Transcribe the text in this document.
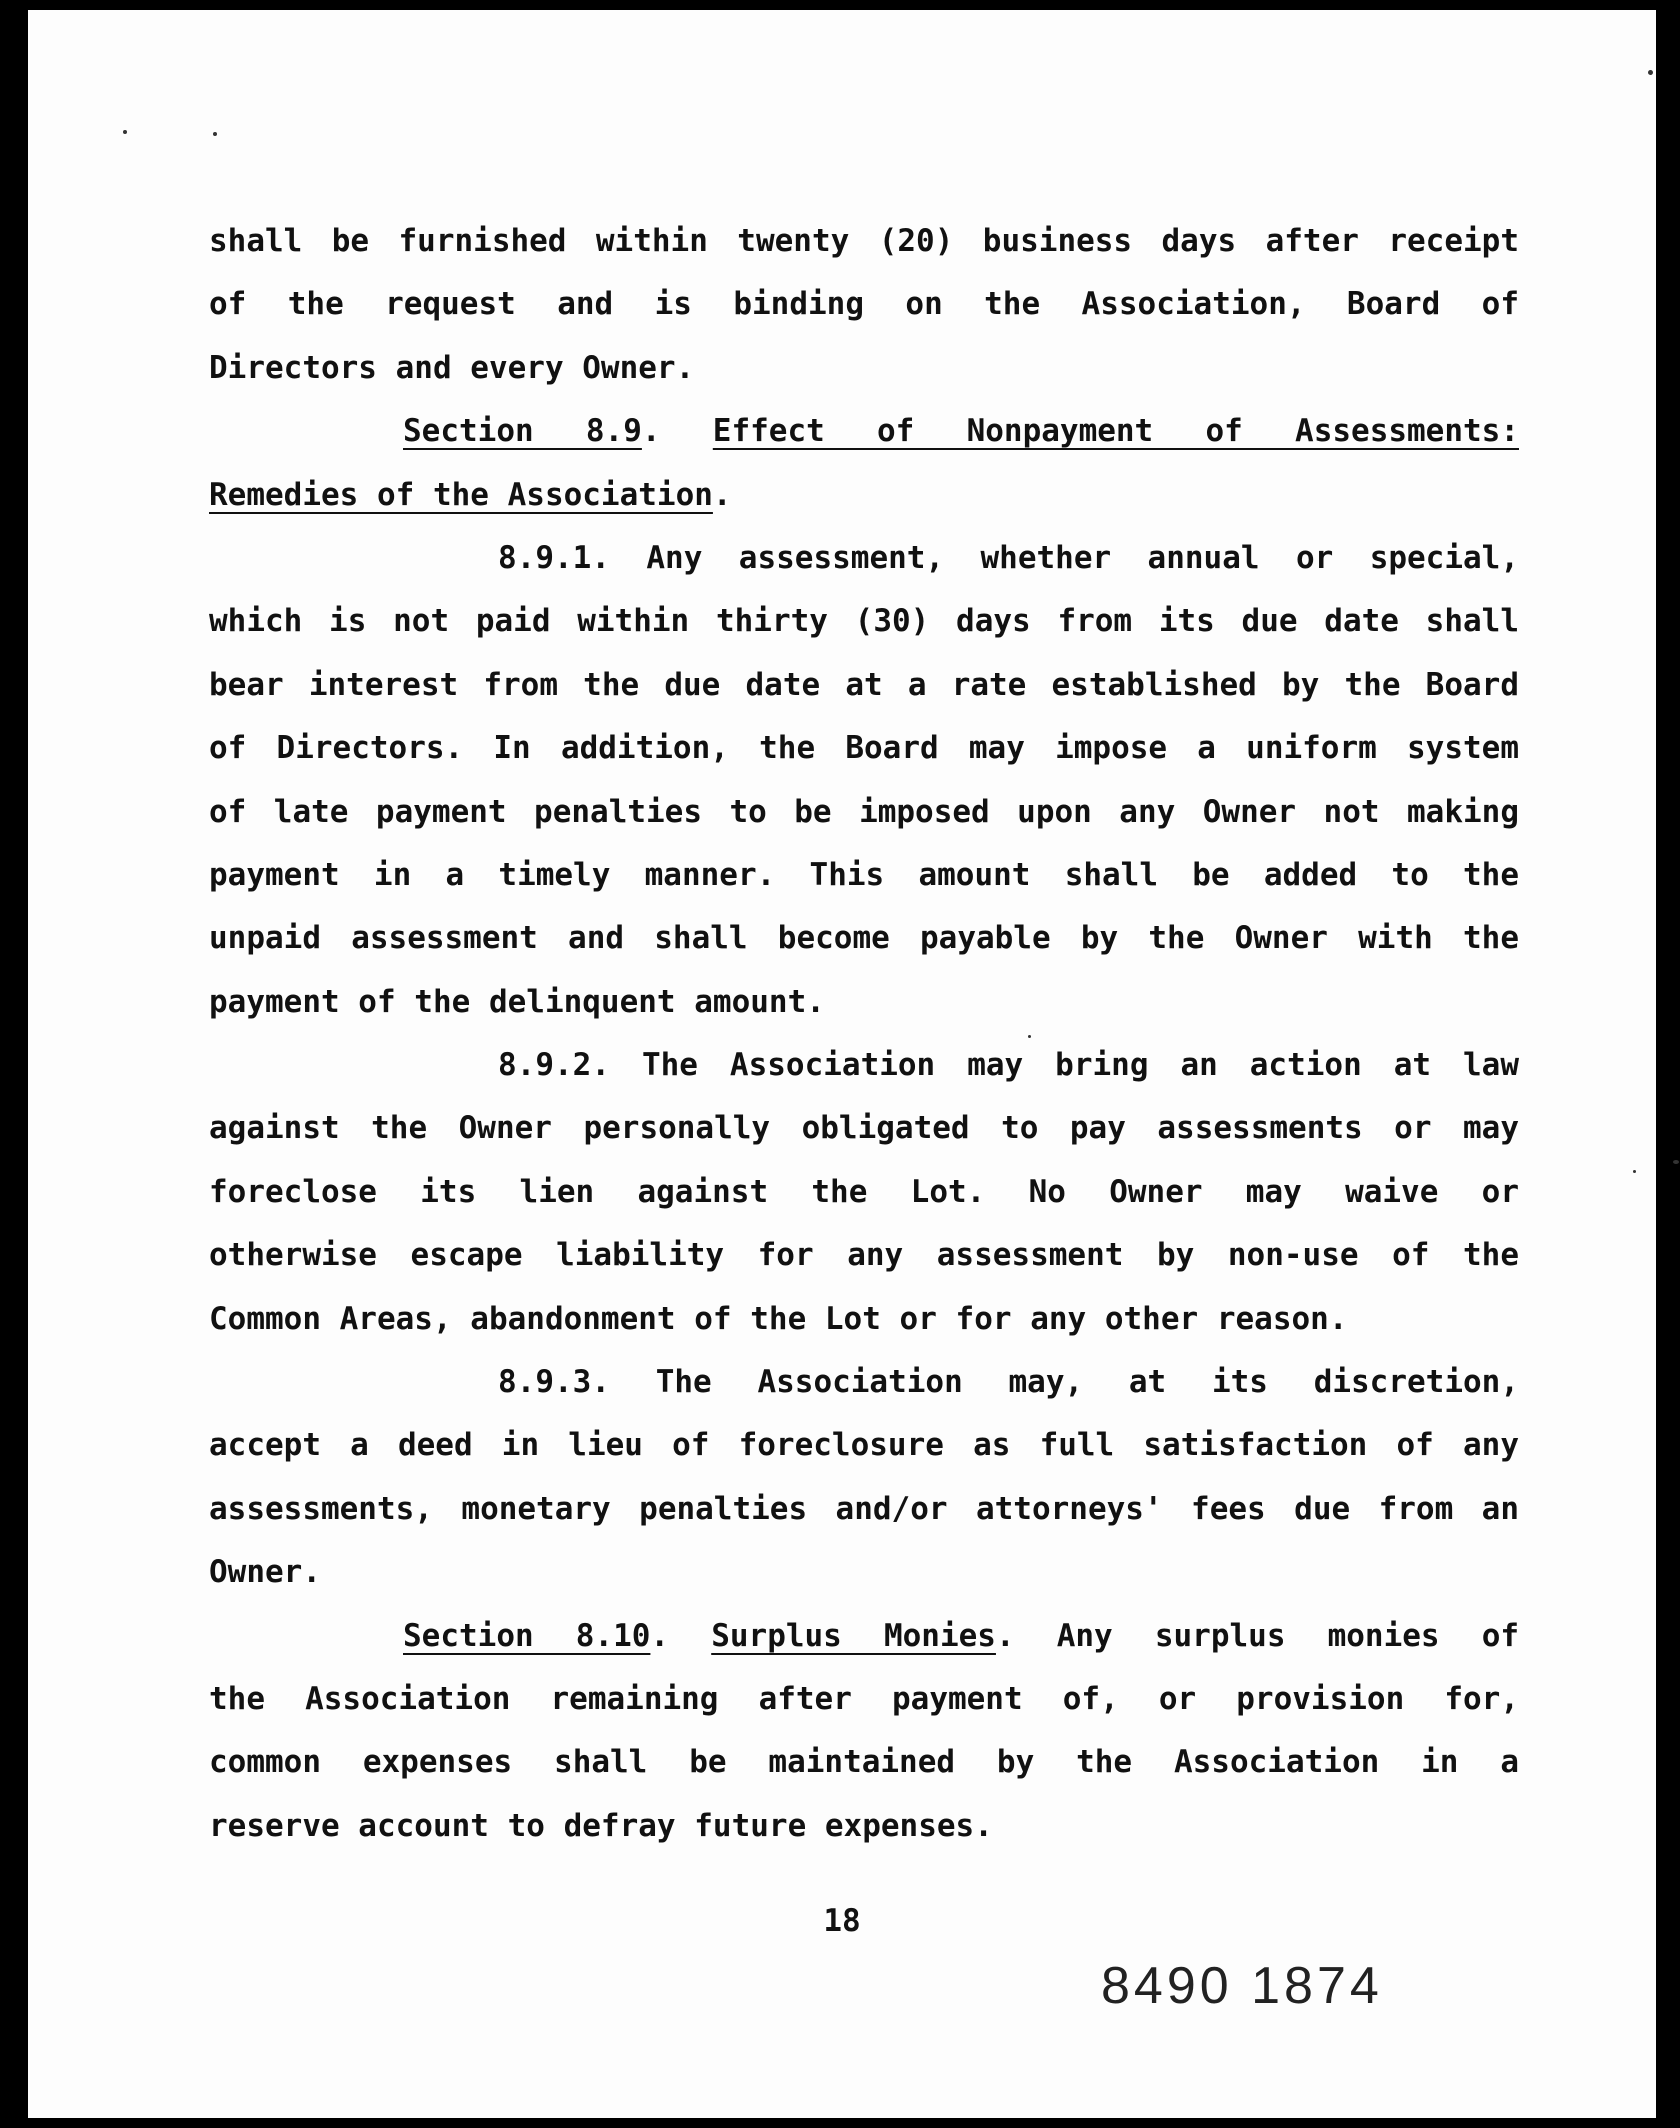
shall be furnished within twenty (20) business days after receipt
of the request and is binding on the Association, Board of
Directors and every Owner.
Section 8.9. Effect of Nonpayment of Assessments:
Remedies of the Association.
8.9.1. Any assessment, whether annual or special,
which is not paid within thirty (30) days from its due date shall
bear interest from the due date at a rate established by the Board
of Directors. In addition, the Board may impose a uniform system
of late payment penalties to be imposed upon any Owner not making
payment in a timely manner. This amount shall be added to the
unpaid assessment and shall become payable by the Owner with the
payment of the delinquent amount.
8.9.2. The Association may bring an action at law
against the Owner personally obligated to pay assessments or may
foreclose its lien against the Lot. No Owner may waive or
otherwise escape liability for any assessment by non-use of the
Common Areas, abandonment of the Lot or for any other reason.
8.9.3. The Association may, at its discretion,
accept a deed in lieu of foreclosure as full satisfaction of any
assessments, monetary penalties and/or attorneys' fees due from an
Owner.
Section 8.10. Surplus Monies. Any surplus monies of
the Association remaining after payment of, or provision for,
common expenses shall be maintained by the Association in a
reserve account to defray future expenses.
18
8490 1874
